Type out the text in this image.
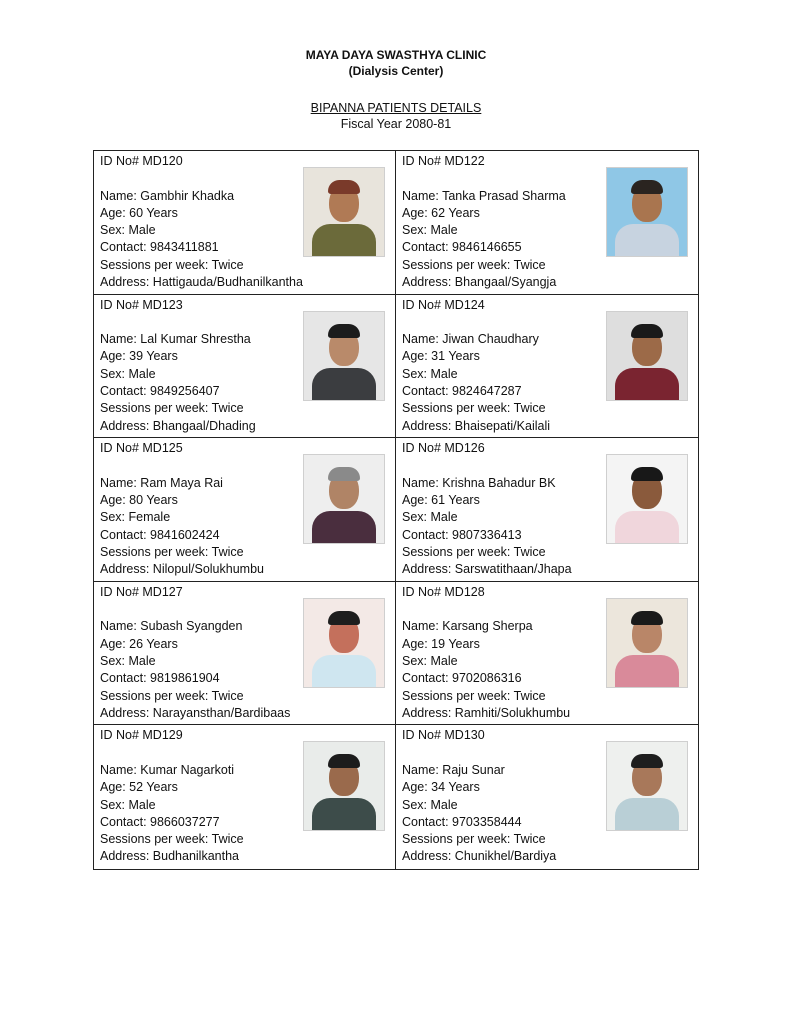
MAYA DAYA SWASTHYA CLINIC
(Dialysis Center)
BIPANNA PATIENTS DETAILS
Fiscal Year 2080-81
ID No# MD120
Name: Gambhir Khadka
Age: 60 Years
Sex: Male
Contact: 9843411881
Sessions per week: Twice
Address: Hattigauda/Budhanilkantha
ID No# MD122
Name: Tanka Prasad Sharma
Age: 62 Years
Sex: Male
Contact: 9846146655
Sessions per week: Twice
Address: Bhangaal/Syangja
ID No# MD123
Name: Lal Kumar Shrestha
Age: 39 Years
Sex: Male
Contact: 9849256407
Sessions per week: Twice
Address: Bhangaal/Dhading
ID No# MD124
Name: Jiwan Chaudhary
Age: 31 Years
Sex: Male
Contact: 9824647287
Sessions per week: Twice
Address: Bhaisepati/Kailali
ID No# MD125
Name: Ram Maya Rai
Age: 80 Years
Sex: Female
Contact: 9841602424
Sessions per week: Twice
Address: Nilopul/Solukhumbu
ID No# MD126
Name: Krishna Bahadur BK
Age: 61 Years
Sex: Male
Contact: 9807336413
Sessions per week: Twice
Address: Sarswatithaan/Jhapa
ID No# MD127
Name: Subash Syangden
Age: 26 Years
Sex: Male
Contact: 9819861904
Sessions per week: Twice
Address: Narayansthan/Bardibaas
ID No# MD128
Name: Karsang Sherpa
Age: 19 Years
Sex: Male
Contact: 9702086316
Sessions per week: Twice
Address: Ramhiti/Solukhumbu
ID No# MD129
Name: Kumar Nagarkoti
Age: 52 Years
Sex: Male
Contact: 9866037277
Sessions per week: Twice
Address: Budhanilkantha
ID No# MD130
Name: Raju Sunar
Age: 34 Years
Sex: Male
Contact: 9703358444
Sessions per week: Twice
Address: Chunikhel/Bardiya
